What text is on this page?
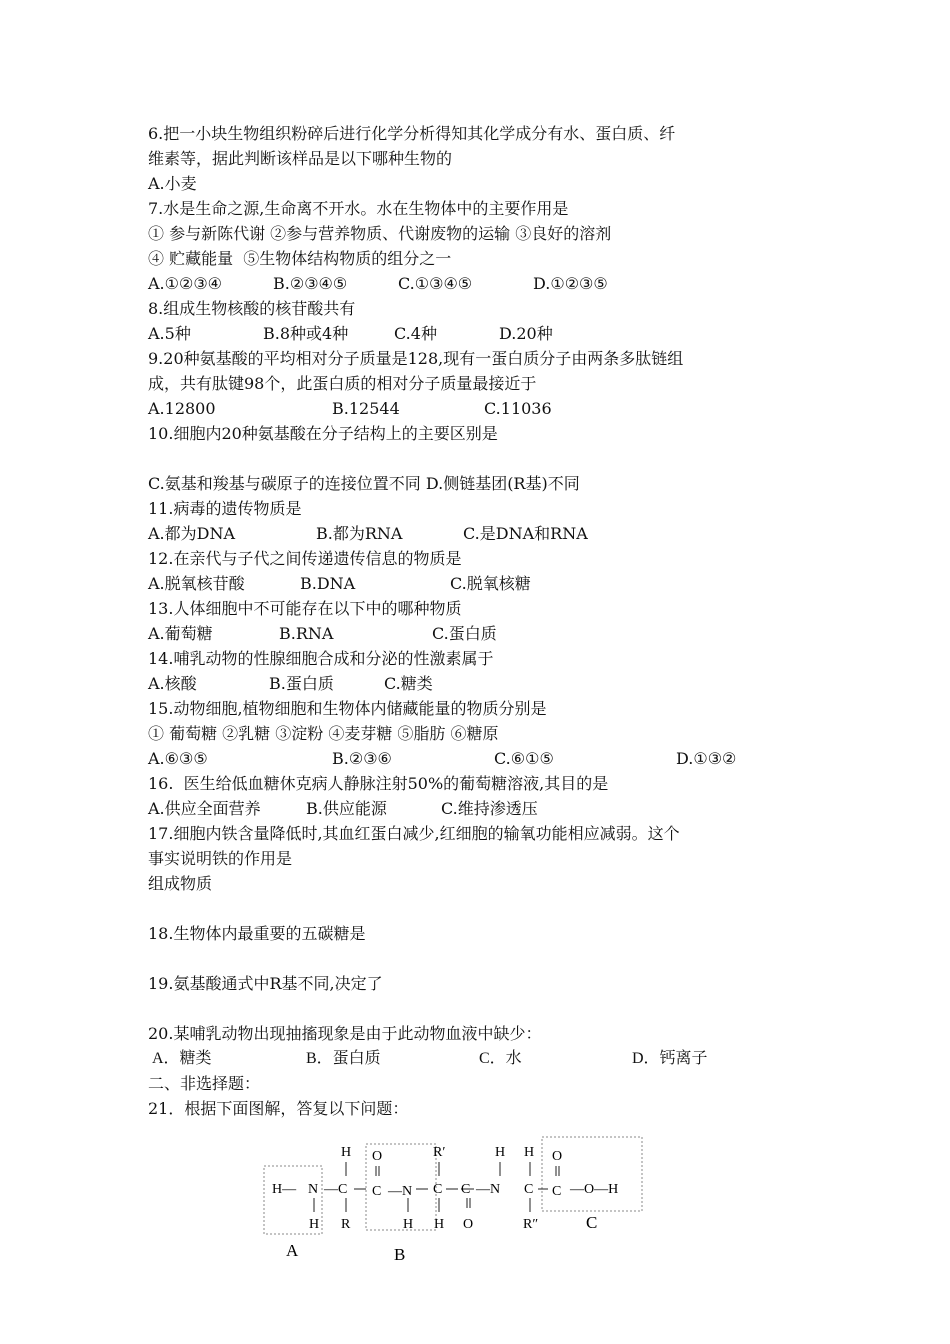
6.把一小块生物组织粉碎后进行化学分析得知其化学成分有水、蛋白质、纤
维素等，据此判断该样品是以下哪种生物的
A.小麦
7.水是生命之源,生命离不开水。水在生物体中的主要作用是
① 参与新陈代谢 ②参与营养物质、代谢废物的运输 ③良好的溶剂
④ 贮藏能量  ⑤生物体结构物质的组分之一
A.①②③④	B.②③④⑤	C.①③④⑤	D.①②③⑤
8.组成生物核酸的核苷酸共有
A.5种	B.8种或4种	C.4种	D.20种
9.20种氨基酸的平均相对分子质量是128,现有一蛋白质分子由两条多肽链组
成，共有肽键98个，此蛋白质的相对分子质量最接近于
A.12800	B.12544	C.11036
10.细胞内20种氨基酸在分子结构上的主要区别是
C.氨基和羧基与碳原子的连接位置不同 D.侧链基团(R基)不同
11.病毒的遗传物质是
A.都为DNA	B.都为RNA	C.是DNA和RNA
12.在亲代与子代之间传递遗传信息的物质是
A.脱氧核苷酸	B.DNA	C.脱氧核糖
13.人体细胞中不可能存在以下中的哪种物质
A.葡萄糖	B.RNA	C.蛋白质
14.哺乳动物的性腺细胞合成和分泌的性激素属于
A.核酸	B.蛋白质	C.糖类
15.动物细胞,植物细胞和生物体内储藏能量的物质分别是
① 葡萄糖 ②乳糖 ③淀粉 ④麦芽糖 ⑤脂肪 ⑥糖原
A.⑥③⑤	B.②③⑥	C.⑥①⑤	D.①③②
16.  医生给低血糖休克病人静脉注射50%的葡萄糖溶液,其目的是
A.供应全面营养	B.供应能源	C.维持渗透压
17.细胞内铁含量降低时,其血红蛋白减少,红细胞的输氧功能相应减弱。这个
事实说明铁的作用是
组成物质
18.生物体内最重要的五碳糖是
19.氨基酸通式中R基不同,决定了
20.某哺乳动物出现抽搐现象是由于此动物血液中缺少：
A．糖类	B．蛋白质	C．水	D．钙离子
二、非选择题：
21．根据下面图解，答复以下问题：
H O	R′	H H O
H— N —C C —N C —N C C —O—H
C
H R	H H O	R″
A	B
C
